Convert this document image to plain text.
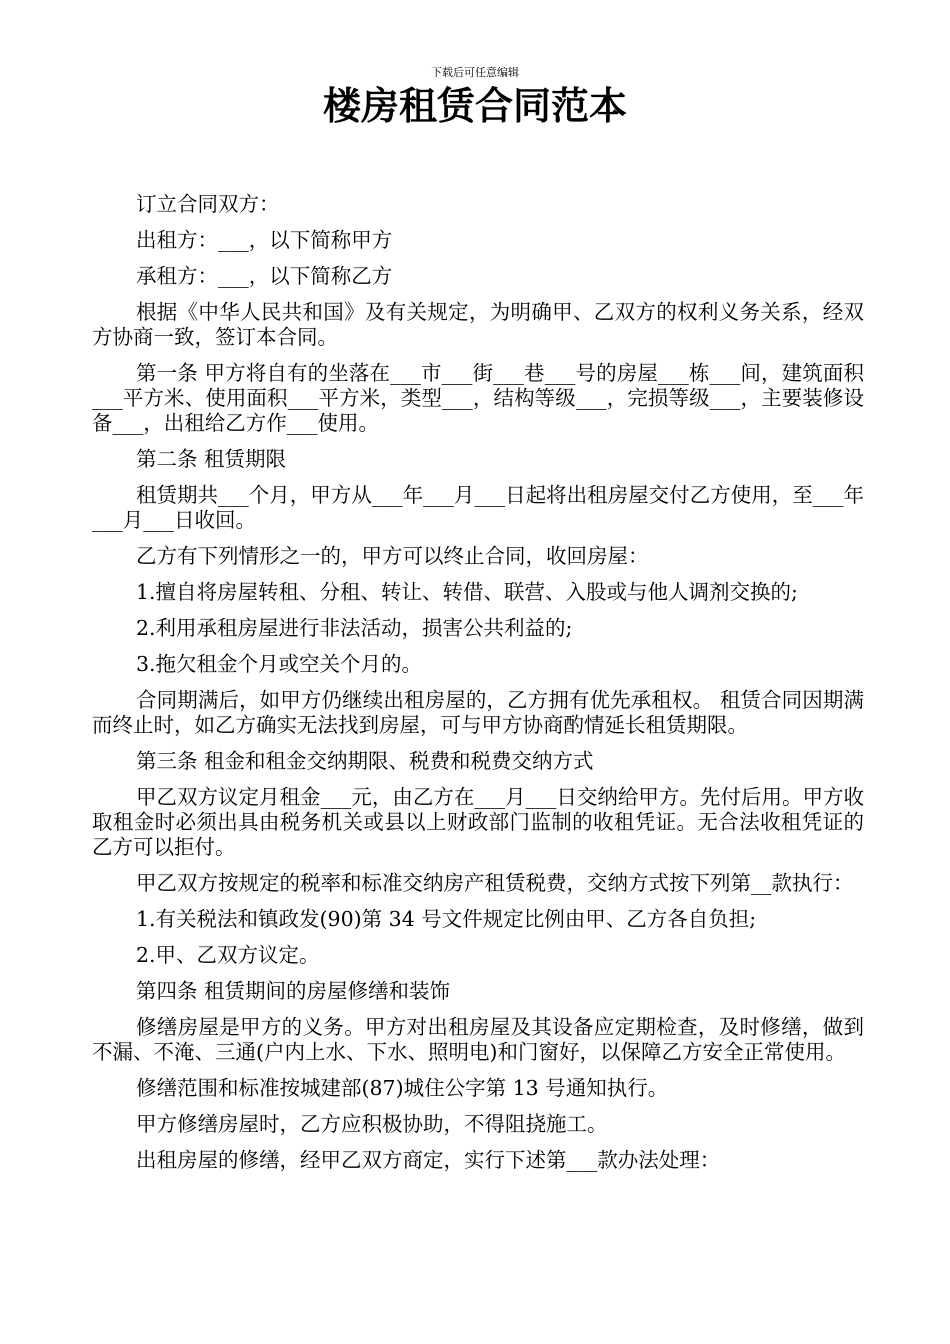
下载后可任意编辑
楼房租赁合同范本

订立合同双方：

出租方：___，以下简称甲方

承租方：___，以下简称乙方

根据《中华人民共和国》及有关规定，为明确甲、乙双方的权利义务关系，经双方协商一致，签订本合同。

第一条 甲方将自有的坐落在___市___街___巷___号的房屋___栋___间，建筑面积___平方米、使用面积___平方米，类型___，结构等级___，完损等级___，主要装修设备___，出租给乙方作___使用。

第二条 租赁期限

租赁期共___个月，甲方从___年___月___日起将出租房屋交付乙方使用，至___年___月___日收回。

乙方有下列情形之一的，甲方可以终止合同，收回房屋：

1.擅自将房屋转租、分租、转让、转借、联营、入股或与他人调剂交换的;

2.利用承租房屋进行非法活动，损害公共利益的;

3.拖欠租金个月或空关个月的。

合同期满后，如甲方仍继续出租房屋的，乙方拥有优先承租权。 租赁合同因期满而终止时，如乙方确实无法找到房屋，可与甲方协商酌情延长租赁期限。

第三条 租金和租金交纳期限、税费和税费交纳方式

甲乙双方议定月租金___元，由乙方在___月___日交纳给甲方。先付后用。甲方收取租金时必须出具由税务机关或县以上财政部门监制的收租凭证。无合法收租凭证的乙方可以拒付。

甲乙双方按规定的税率和标准交纳房产租赁税费，交纳方式按下列第__款执行：

1.有关税法和镇政发(90)第 34 号文件规定比例由甲、乙方各自负担;

2.甲、乙双方议定。

第四条 租赁期间的房屋修缮和装饰

修缮房屋是甲方的义务。甲方对出租房屋及其设备应定期检查，及时修缮，做到不漏、不淹、三通(户内上水、下水、照明电)和门窗好，以保障乙方安全正常使用。

修缮范围和标准按城建部(87)城住公字第 13 号通知执行。

甲方修缮房屋时，乙方应积极协助，不得阻挠施工。

出租房屋的修缮，经甲乙双方商定，实行下述第___款办法处理：
